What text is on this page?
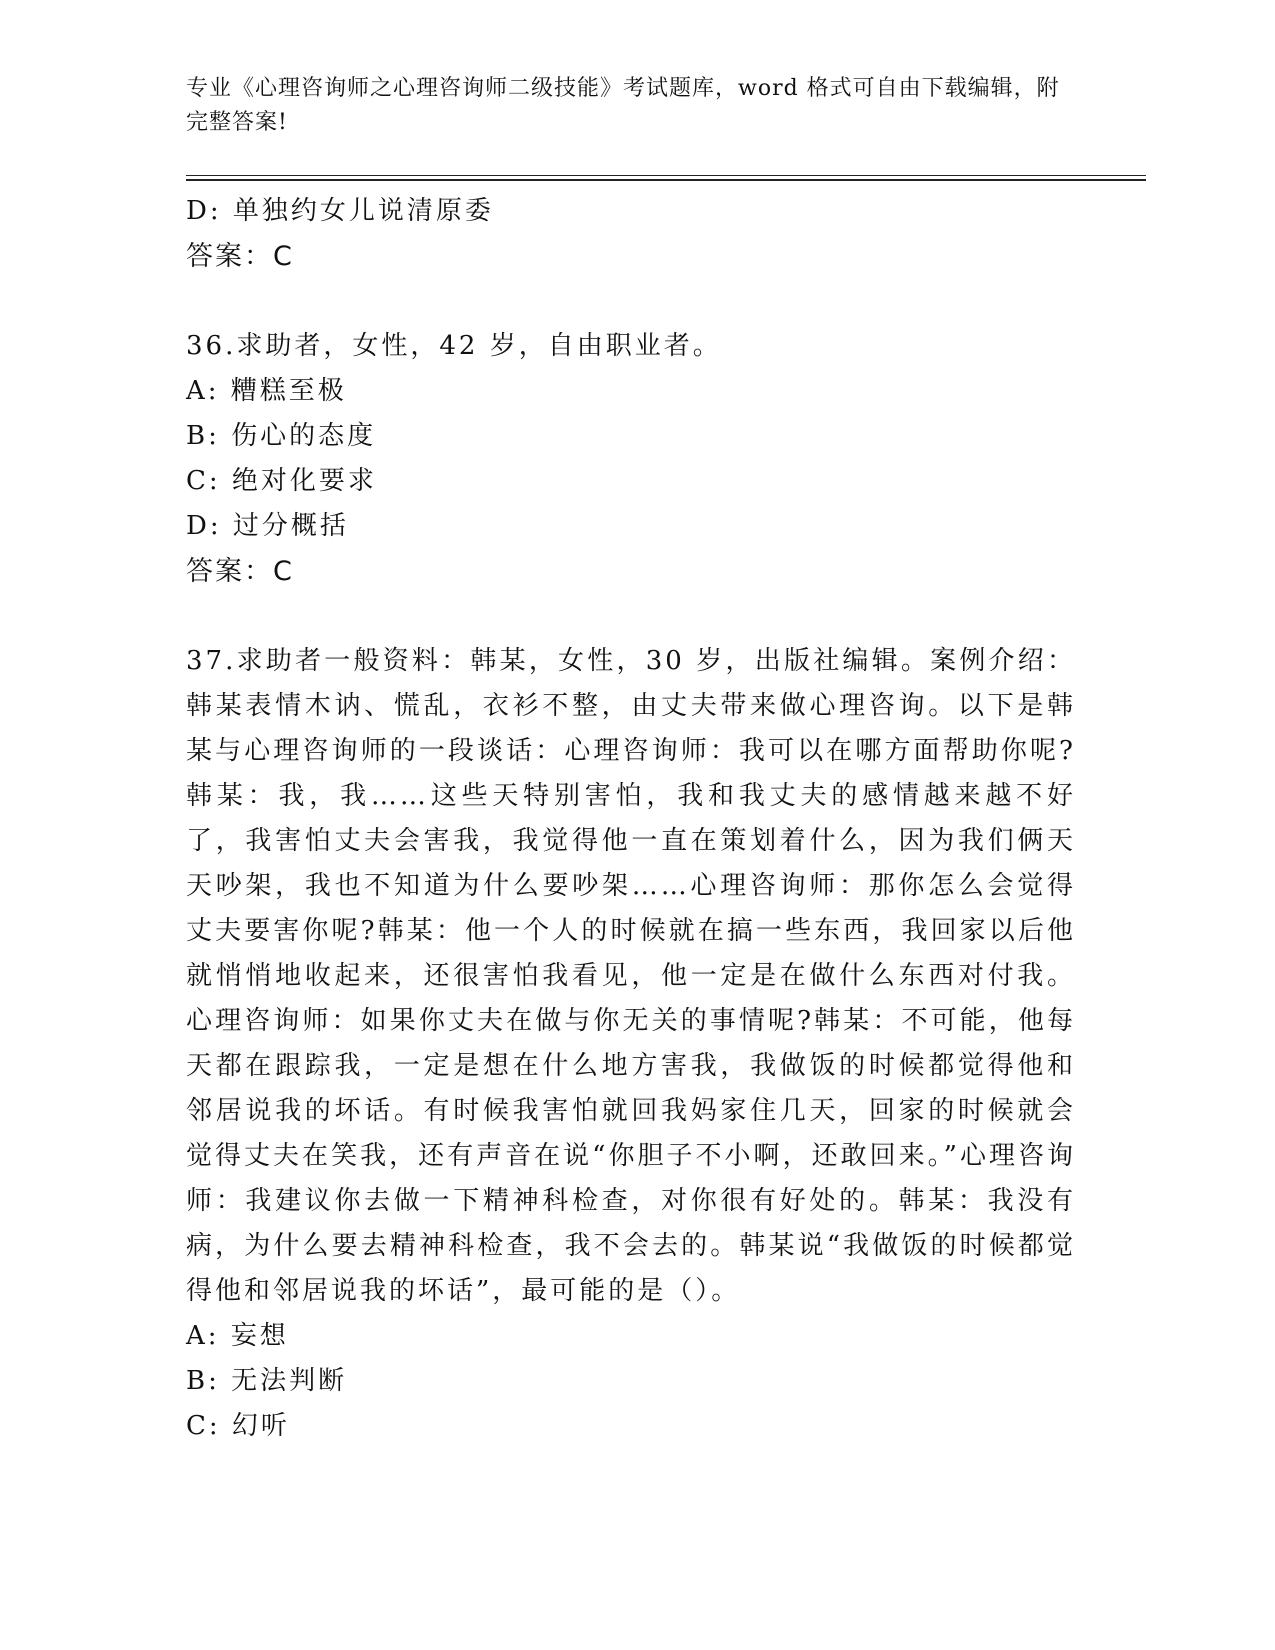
专业《心理咨询师之心理咨询师二级技能》考试题库，word 格式可自由下载编辑，附完整答案!
D: 单独约女儿说清原委
答案：C
36.求助者，女性，42 岁，自由职业者。
A: 糟糕至极
B: 伤心的态度
C: 绝对化要求
D: 过分概括
答案：C
37.求助者一般资料：韩某，女性，30 岁，出版社编辑。案例介绍：韩某表情木讷、慌乱，衣衫不整，由丈夫带来做心理咨询。以下是韩某与心理咨询师的一段谈话：心理咨询师：我可以在哪方面帮助你呢?韩某：我，我……这些天特别害怕，我和我丈夫的感情越来越不好了，我害怕丈夫会害我，我觉得他一直在策划着什么，因为我们俩天天吵架，我也不知道为什么要吵架……心理咨询师：那你怎么会觉得丈夫要害你呢?韩某：他一个人的时候就在搞一些东西，我回家以后他就悄悄地收起来，还很害怕我看见，他一定是在做什么东西对付我。心理咨询师：如果你丈夫在做与你无关的事情呢?韩某：不可能，他每天都在跟踪我，一定是想在什么地方害我，我做饭的时候都觉得他和邻居说我的坏话。有时候我害怕就回我妈家住几天，回家的时候就会觉得丈夫在笑我，还有声音在说“你胆子不小啊，还敢回来。”心理咨询师：我建议你去做一下精神科检查，对你很有好处的。韩某：我没有病，为什么要去精神科检查，我不会去的。韩某说“我做饭的时候都觉得他和邻居说我的坏话”，最可能的是（）。
A: 妄想
B: 无法判断
C: 幻听
